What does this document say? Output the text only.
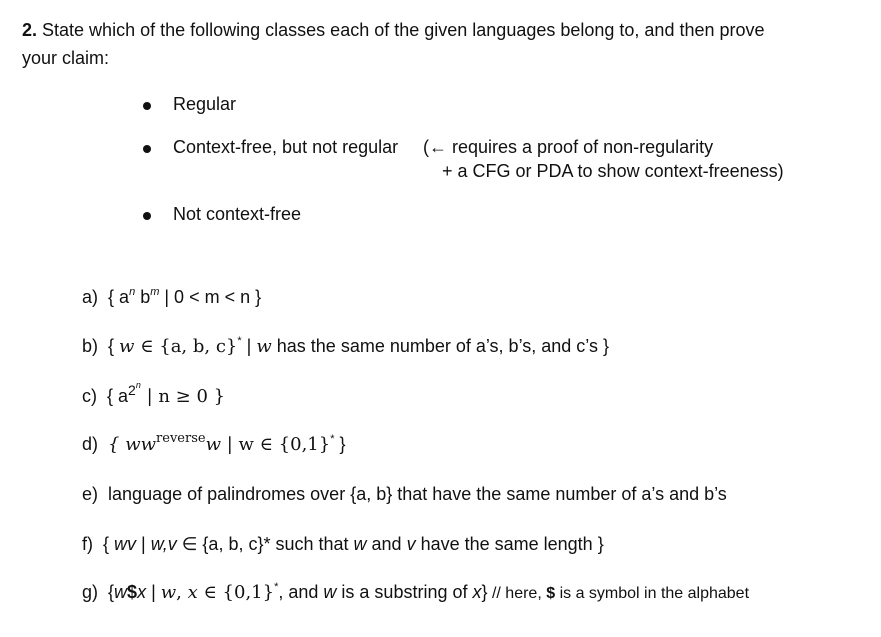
2. State which of the following classes each of the given languages belong to, and then prove
your claim:
Regular
Context-free, but not regular (← requires a proof of non-regularity
+ a CFG or PDA to show context-freeness)
Not context-free
a) { $a^n$ $b^m$ | 0 < m < n }
b) { w ∈ {a, b, c}* | w has the same number of a’s, b’s, and c’s }
c) { $a^{2n}$ | n ≥ 0 }
d) { $ww^{reverse}w$ | w ∈ {0,1}* }
e) language of palindromes over {a, b} that have the same number of a’s and b’s
f) { wv | w,v ∈ {a, b, c}* such that w and v have the same length }
g) {w$x | w, x ∈ {0,1}*, and w is a substring of x} // here, $ is a symbol in the alphabet
